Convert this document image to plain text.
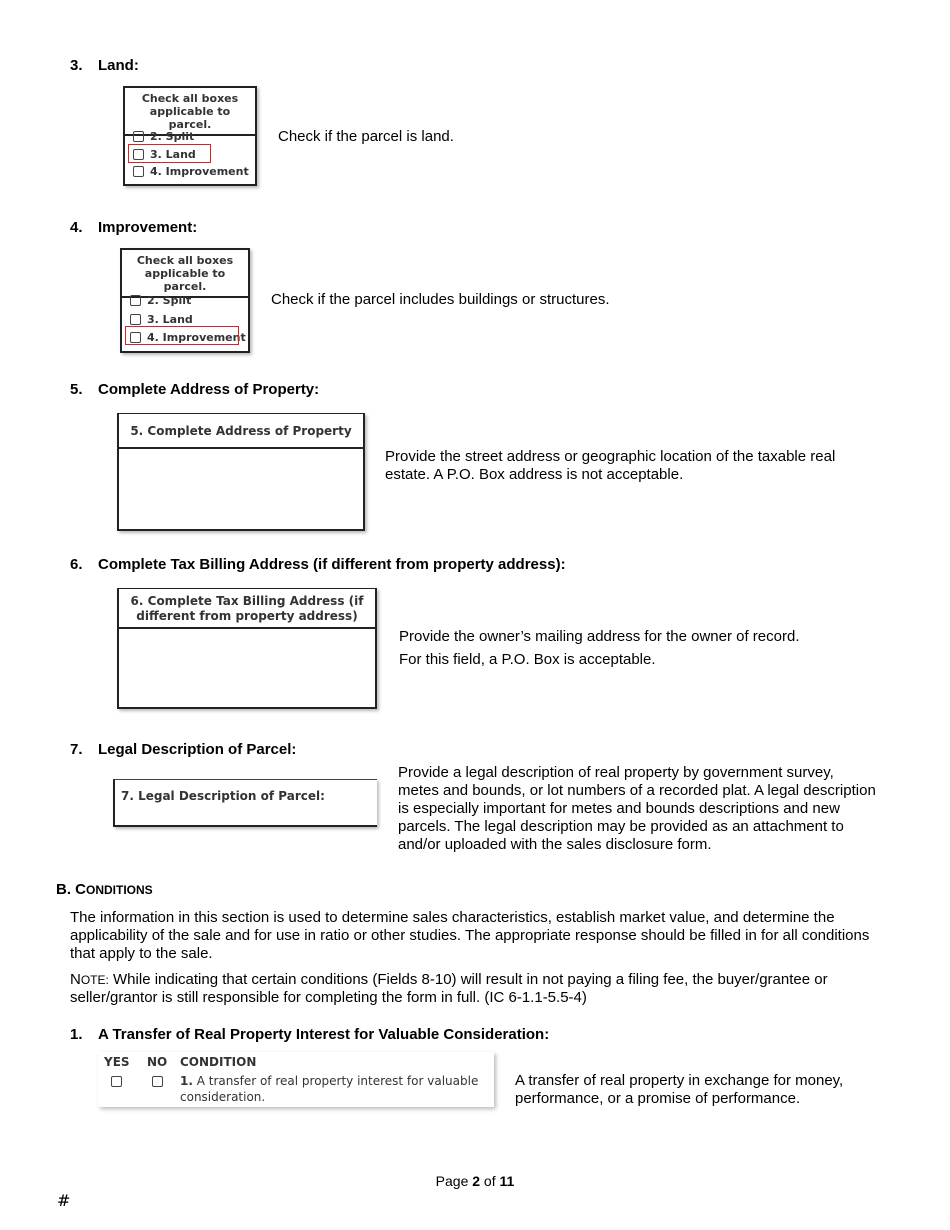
3. Land:
Check all boxes applicable to parcel.
2. Split
3. Land
4. Improvement
Check if the parcel is land.
4. Improvement:
Check all boxes applicable to parcel.
2. Split
3. Land
4. Improvement
Check if the parcel includes buildings or structures.
5. Complete Address of Property:
5. Complete Address of Property
Provide the street address or geographic location of the taxable real estate. A P.O. Box address is not acceptable.
6. Complete Tax Billing Address (if different from property address):
6. Complete Tax Billing Address (if different from property address)
Provide the owner’s mailing address for the owner of record.
For this field, a P.O. Box is acceptable.
7. Legal Description of Parcel:
7. Legal Description of Parcel:
Provide a legal description of real property by government survey, metes and bounds, or lot numbers of a recorded plat. A legal description is especially important for metes and bounds descriptions and new parcels. The legal description may be provided as an attachment to and/or uploaded with the sales disclosure form.
B. CONDITIONS
The information in this section is used to determine sales characteristics, establish market value, and determine the applicability of the sale and for use in ratio or other studies. The appropriate response should be filled in for all conditions that apply to the sale.
NOTE: While indicating that certain conditions (Fields 8-10) will result in not paying a filing fee, the buyer/grantee or seller/grantor is still responsible for completing the form in full. (IC 6-1.1-5.5-4)
1. A Transfer of Real Property Interest for Valuable Consideration:
YES NO CONDITION
1. A transfer of real property interest for valuable consideration.
A transfer of real property in exchange for money, performance, or a promise of performance.
Page 2 of 11
#
